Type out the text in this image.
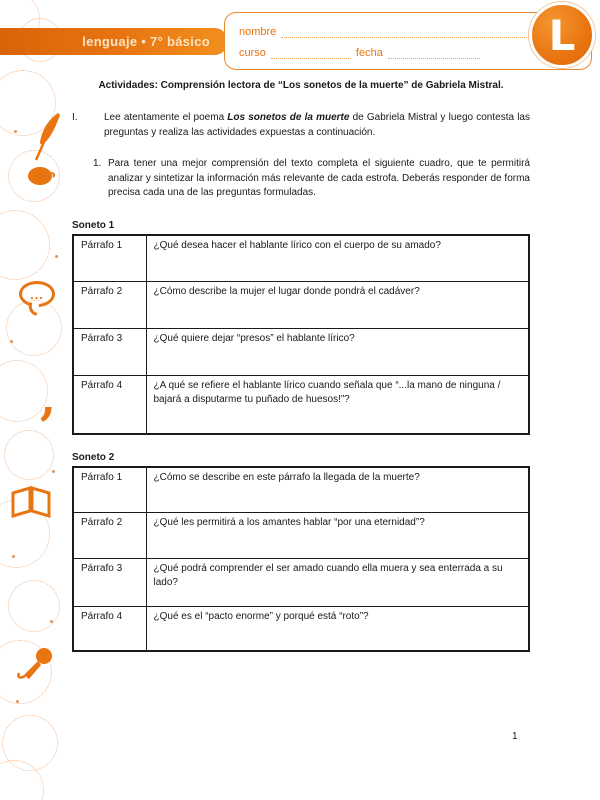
...
,
lenguaje • 7° básico
nombre
curso	fecha	L
Actividades: Comprensión lectora de “Los sonetos de la muerte” de Gabriela Mistral.
I.	Lee atentamente el poema Los sonetos de la muerte de Gabriela Mistral y luego contesta las preguntas y realiza las actividades expuestas a continuación.
1. Para tener una mejor comprensión del texto completa el siguiente cuadro, que te permitirá analizar y sintetizar la información más relevante de cada estrofa. Deberás responder de forma precisa cada una de las preguntas formuladas.
Soneto 1
Párrafo 1	¿Qué desea hacer el hablante lírico con el cuerpo de su amado?
Párrafo 2	¿Cómo describe la mujer el lugar donde pondrá el cadáver?
Párrafo 3	¿Qué quiere dejar “presos” el hablante lírico?
Párrafo 4	¿A qué se refiere el hablante lírico cuando señala que “...la mano de ninguna / bajará a disputarme tu puñado de huesos!”?
Soneto 2
Párrafo 1	¿Cómo se describe en este párrafo la llegada de la muerte?
Párrafo 2	¿Qué les permitirá a los amantes hablar “por una eternidad”?
Párrafo 3	¿Qué podrá comprender el ser amado cuando ella muera y sea enterrada a su lado?
Párrafo 4	¿Qué es el “pacto enorme” y porqué está “roto”?
1
